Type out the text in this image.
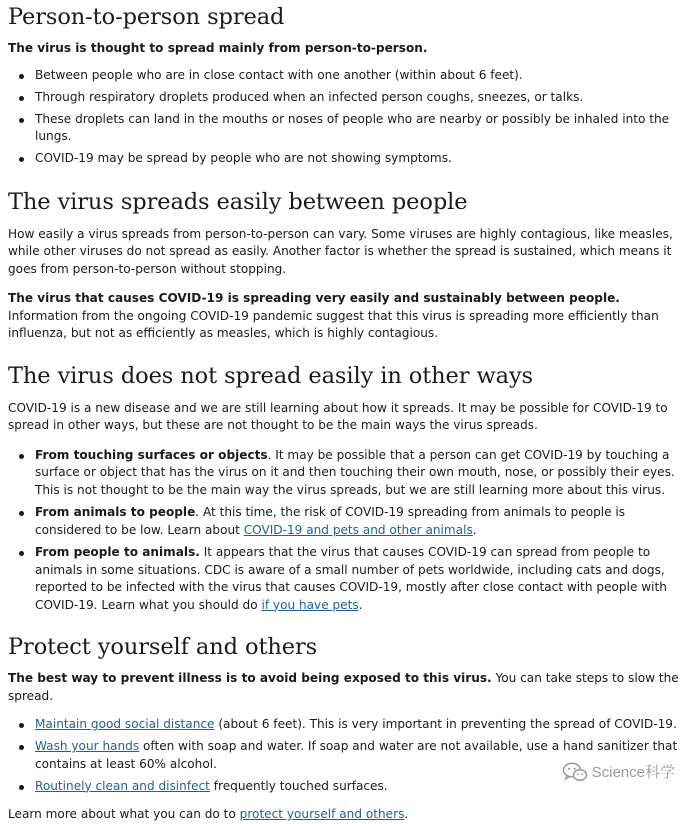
Person-to-person spread

The virus is thought to spread mainly from person-to-person.

Between people who are in close contact with one another (within about 6 feet).
Through respiratory droplets produced when an infected person coughs, sneezes, or talks.
These droplets can land in the mouths or noses of people who are nearby or possibly be inhaled into the lungs.
COVID-19 may be spread by people who are not showing symptoms.
The virus spreads easily between people

How easily a virus spreads from person-to-person can vary. Some viruses are highly contagious, like measles, while other viruses do not spread as easily. Another factor is whether the spread is sustained, which means it goes from person-to-person without stopping.

The virus that causes COVID-19 is spreading very easily and sustainably between people. Information from the ongoing COVID-19 pandemic suggest that this virus is spreading more efficiently than influenza, but not as efficiently as measles, which is highly contagious.

The virus does not spread easily in other ways

COVID-19 is a new disease and we are still learning about how it spreads. It may be possible for COVID-19 to spread in other ways, but these are not thought to be the main ways the virus spreads.

From touching surfaces or objects. It may be possible that a person can get COVID-19 by touching a surface or object that has the virus on it and then touching their own mouth, nose, or possibly their eyes. This is not thought to be the main way the virus spreads, but we are still learning more about this virus.
From animals to people. At this time, the risk of COVID-19 spreading from animals to people is considered to be low. Learn about COVID-19 and pets and other animals.
From people to animals. It appears that the virus that causes COVID-19 can spread from people to animals in some situations. CDC is aware of a small number of pets worldwide, including cats and dogs, reported to be infected with the virus that causes COVID-19, mostly after close contact with people with COVID-19. Learn what you should do if you have pets.
Protect yourself and others

The best way to prevent illness is to avoid being exposed to this virus. You can take steps to slow the spread.

Maintain good social distance (about 6 feet). This is very important in preventing the spread of COVID-19.
Wash your hands often with soap and water. If soap and water are not available, use a hand sanitizer that contains at least 60% alcohol.
Routinely clean and disinfect frequently touched surfaces.

Learn more about what you can do to protect yourself and others.

Science科学
